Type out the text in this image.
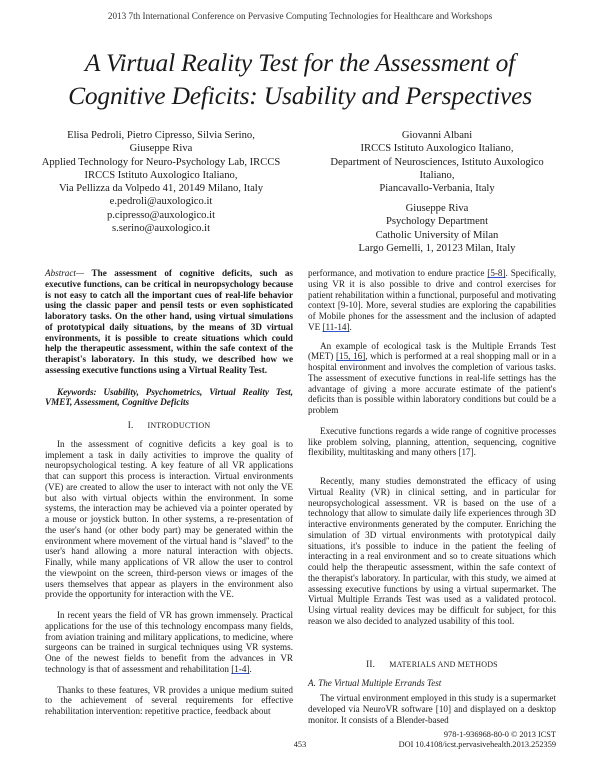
2013 7th International Conference on Pervasive Computing Technologies for Healthcare and Workshops
A Virtual Reality Test for the Assessment of
Cognitive Deficits: Usability and Perspectives
Elisa Pedroli, Pietro Cipresso, Silvia Serino,
Giuseppe Riva
Applied Technology for Neuro-Psychology Lab, IRCCS
IRCCS Istituto Auxologico Italiano,
Via Pellizza da Volpedo 41, 20149 Milano, Italy
e.pedroli@auxologico.it
p.cipresso@auxologico.it
s.serino@auxologico.it
Giovanni Albani
IRCCS Istituto Auxologico Italiano,
Department of Neurosciences, Istituto Auxologico
Italiano,
Piancavallo-Verbania, Italy
Giuseppe Riva
Psychology Department
Catholic University of Milan
Largo Gemelli, 1, 20123 Milan, Italy

Abstract— The assessment of cognitive deficits, such as executive functions, can be critical in neuropsychology because is not easy to catch all the important cues of real-life behavior using the classic paper and pensil tests or even sophisticated laboratory tasks. On the other hand, using virtual simulations of prototypical daily situations, by the means of 3D virtual environments, it is possible to create situations which could help the therapeutic assessment, within the safe context of the therapist's laboratory. In this study, we described how we assessing executive functions using a Virtual Reality Test.

Keywords: Usability, Psychometrics, Virtual Reality Test, VMET, Assessment, Cognitive Deficits

I. INTRODUCTION

In the assessment of cognitive deficits a key goal is to implement a task in daily activities to improve the quality of neuropsychological testing. A key feature of all VR applications that can support this process is interaction. Virtual environments (VE) are created to allow the user to interact with not only the VE but also with virtual objects within the environment. In some systems, the interaction may be achieved via a pointer operated by a mouse or joystick button. In other systems, a re-presentation of the user's hand (or other body part) may be generated within the environment where movement of the virtual hand is "slaved" to the user's hand allowing a more natural interaction with objects. Finally, while many applications of VR allow the user to control the viewpoint on the screen, third-person views or images of the users themselves that appear as players in the environment also provide the opportunity for interaction with the VE.

In recent years the field of VR has grown immensely. Practical applications for the use of this technology encompass many fields, from aviation training and military applications, to medicine, where surgeons can be trained in surgical techniques using VR systems. One of the newest fields to benefit from the advances in VR technology is that of assessment and rehabilitation [1-4].

Thanks to these features, VR provides a unique medium suited to the achievement of several requirements for effective rehabilitation intervention: repetitive practice, feedback about

performance, and motivation to endure practice [5-8]. Specifically, using VR it is also possible to drive and control exercises for patient rehabilitation within a functional, purposeful and motivating context [9-10]. More, several studies are exploring the capabilities of Mobile phones for the assessment and the inclusion of adapted VE [11-14].

An example of ecological task is the Multiple Errands Test (MET) [15, 16], which is performed at a real shopping mall or in a hospital environment and involves the completion of various tasks. The assessment of executive functions in real-life settings has the advantage of giving a more accurate estimate of the patient's deficits than is possible within laboratory conditions but could be a problem

Executive functions regards a wide range of cognitive processes like problem solving, planning, attention, sequencing, cognitive flexibility, multitasking and many others [17].

Recently, many studies demonstrated the efficacy of using Virtual Reality (VR) in clinical setting, and in particular for neuropsychological assessment. VR is based on the use of a technology that allow to simulate daily life experiences through 3D interactive environments generated by the computer. Enriching the simulation of 3D virtual environments with prototypical daily situations, it's possible to induce in the patient the feeling of interacting in a real environment and so to create situations which could help the therapeutic assessment, within the safe context of the therapist's laboratory. In particular, with this study, we aimed at assessing executive functions by using a virtual supermarket. The Virtual Multiple Errands Test was used as a validated protocol. Using virtual reality devices may be difficult for subject, for this reason we also decided to analyzed usability of this tool.

II. MATERIALS AND METHODS

A. The Virtual Multiple Errands Test

The virtual environment employed in this study is a supermarket developed via NeuroVR software [10] and displayed on a desktop monitor. It consists of a Blender-based

978-1-936968-80-0 © 2013 ICST
453	DOI 10.4108/icst.pervasivehealth.2013.252359
